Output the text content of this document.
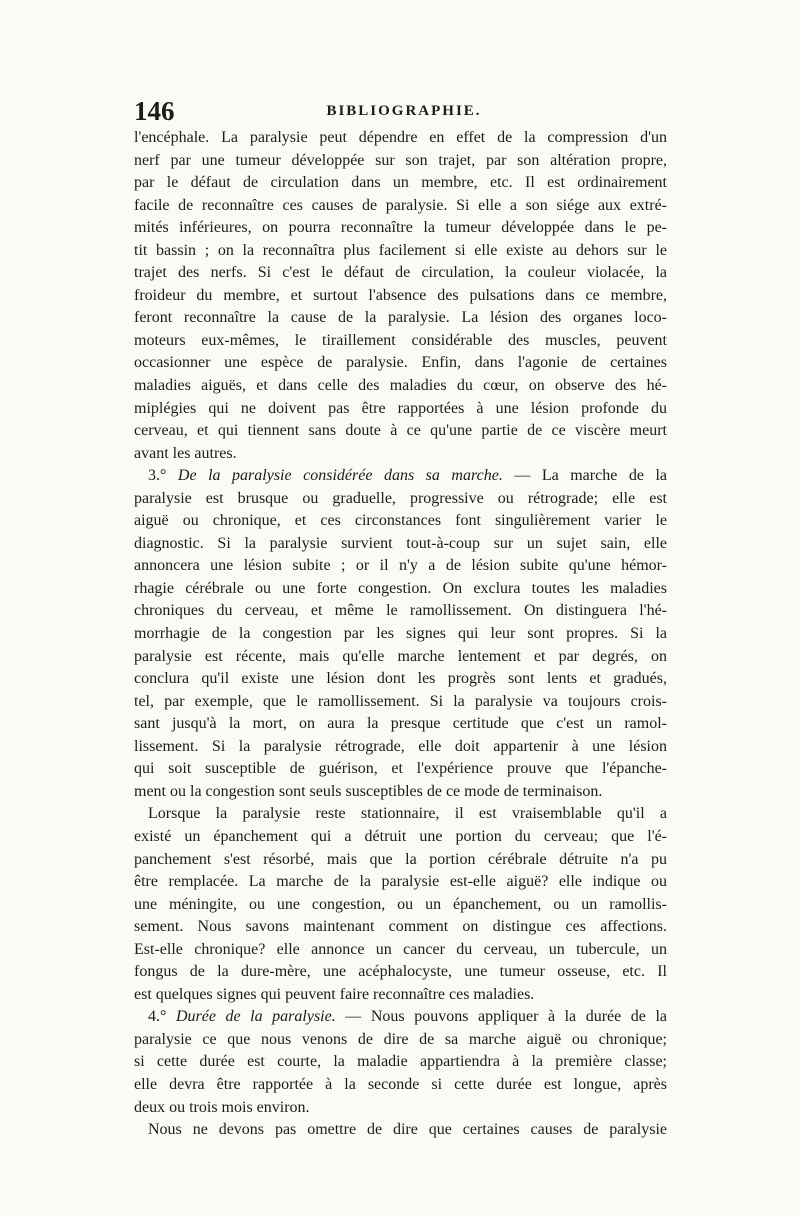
146	BIBLIOGRAPHIE.
l'encéphale. La paralysie peut dépendre en effet de la compression d'un
nerf par une tumeur développée sur son trajet, par son altération propre,
par le défaut de circulation dans un membre, etc. Il est ordinairement
facile de reconnaître ces causes de paralysie. Si elle a son siége aux extré-
mités inférieures, on pourra reconnaître la tumeur développée dans le pe-
tit bassin ; on la reconnaîtra plus facilement si elle existe au dehors sur le
trajet des nerfs. Si c'est le défaut de circulation, la couleur violacée, la
froideur du membre, et surtout l'absence des pulsations dans ce membre,
feront reconnaître la cause de la paralysie. La lésion des organes loco-
moteurs eux-mêmes, le tiraillement considérable des muscles, peuvent
occasionner une espèce de paralysie. Enfin, dans l'agonie de certaines
maladies aiguës, et dans celle des maladies du cœur, on observe des hé-
miplégies qui ne doivent pas être rapportées à une lésion profonde du
cerveau, et qui tiennent sans doute à ce qu'une partie de ce viscère meurt
avant les autres.
3.° De la paralysie considérée dans sa marche. — La marche de la
paralysie est brusque ou graduelle, progressive ou rétrograde; elle est
aiguë ou chronique, et ces circonstances font singulièrement varier le
diagnostic. Si la paralysie survient tout-à-coup sur un sujet sain, elle
annoncera une lésion subite ; or il n'y a de lésion subite qu'une hémor-
rhagie cérébrale ou une forte congestion. On exclura toutes les maladies
chroniques du cerveau, et même le ramollissement. On distinguera l'hé-
morrhagie de la congestion par les signes qui leur sont propres. Si la
paralysie est récente, mais qu'elle marche lentement et par degrés, on
conclura qu'il existe une lésion dont les progrès sont lents et gradués,
tel, par exemple, que le ramollissement. Si la paralysie va toujours crois-
sant jusqu'à la mort, on aura la presque certitude que c'est un ramol-
lissement. Si la paralysie rétrograde, elle doit appartenir à une lésion
qui soit susceptible de guérison, et l'expérience prouve que l'épanche-
ment ou la congestion sont seuls susceptibles de ce mode de terminaison.
Lorsque la paralysie reste stationnaire, il est vraisemblable qu'il a
existé un épanchement qui a détruit une portion du cerveau; que l'é-
panchement s'est résorbé, mais que la portion cérébrale détruite n'a pu
être remplacée. La marche de la paralysie est-elle aiguë? elle indique ou
une méningite, ou une congestion, ou un épanchement, ou un ramollis-
sement. Nous savons maintenant comment on distingue ces affections.
Est-elle chronique? elle annonce un cancer du cerveau, un tubercule, un
fongus de la dure-mère, une acéphalocyste, une tumeur osseuse, etc. Il
est quelques signes qui peuvent faire reconnaître ces maladies.
4.° Durée de la paralysie. — Nous pouvons appliquer à la durée de la
paralysie ce que nous venons de dire de sa marche aiguë ou chronique;
si cette durée est courte, la maladie appartiendra à la première classe;
elle devra être rapportée à la seconde si cette durée est longue, après
deux ou trois mois environ.
Nous ne devons pas omettre de dire que certaines causes de paralysie
